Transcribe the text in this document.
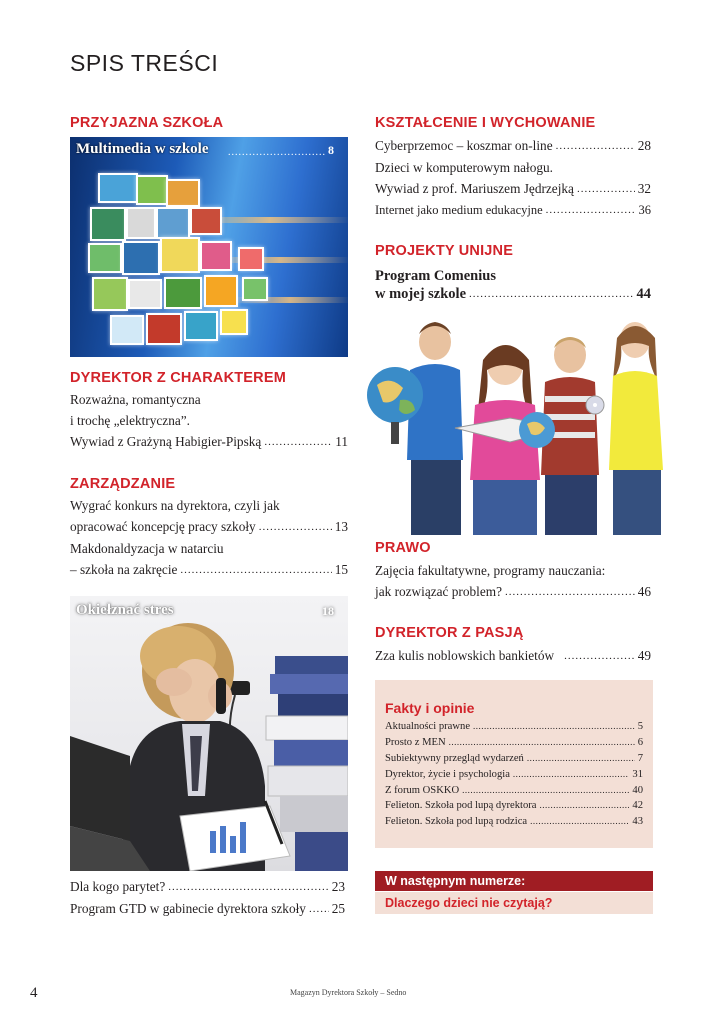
SPIS TREŚCI
PRZYJAZNA SZKOŁA
Multimedia w szkole ............................ 8
DYREKTOR Z CHARAKTEREM
Rozważna, romantyczna
i trochę „elektryczna”.
Wywiad z Grażyną Habigier-Pipską .....	11
ZARZĄDZANIE
Wygrać konkurs na dyrektora, czyli jak
opracować koncepcję pracy szkoły .....	13
Makdonaldyzacja w natarciu
– szkoła na zakręcie .....	15
Okiełznać stres	18
Dla kogo parytet? .....	23
Program GTD w gabinecie dyrektora szkoły ..... 25
KSZTAŁCENIE I WYCHOWANIE
Cyberprzemoc – koszmar on-line .....	28
Dzieci w komputerowym nałogu.
Wywiad z prof. Mariuszem Jędrzejką .....	32
Internet jako medium edukacyjne .....	36
PROJEKTY UNIJNE
Program Comenius
w mojej szkole .....	44
PRAWO
Zajęcia fakultatywne, programy nauczania:
jak rozwiązać problem? .....	46
DYREKTOR Z PASJĄ
Zza kulis noblowskich bankietów .....	49
Fakty i opinie
Aktualności prawne .....	5
Prosto z MEN .....	6
Subiektywny przegląd wydarzeń .....	7
Dyrektor, życie i psychologia .....	31
Z forum OSKKO .....	40
Felieton. Szkoła pod lupą dyrektora .....	42
Felieton. Szkoła pod lupą rodzica .....	43
W następnym numerze:
Dlaczego dzieci nie czytają?
4	Magazyn Dyrektora Szkoły – Sedno
